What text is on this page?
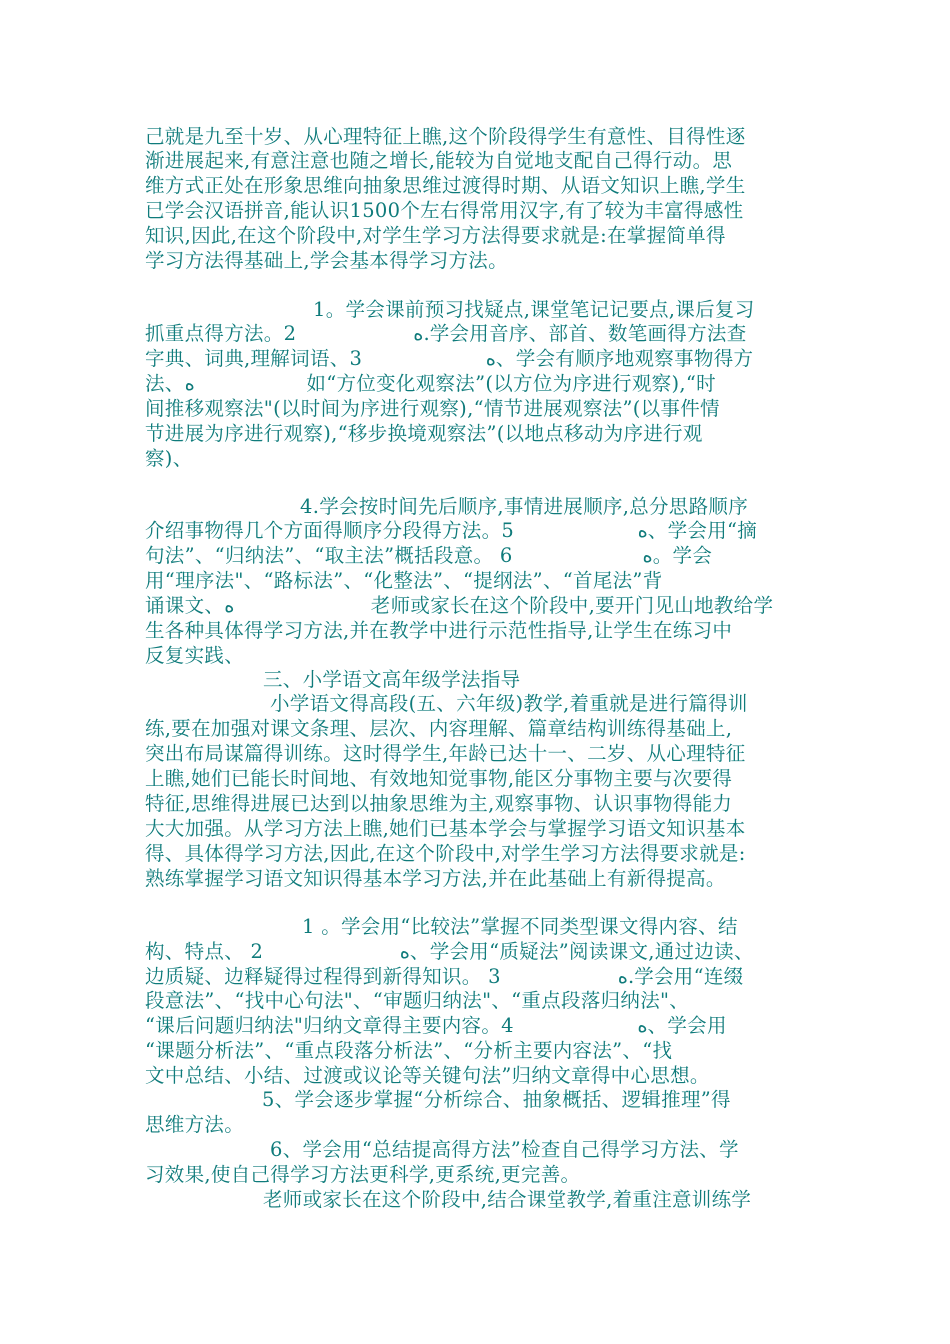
己就是九至十岁、从心理特征上瞧,这个阶段得学生有意性、目得性逐
渐进展起来,有意注意也随之增长,能较为自觉地支配自己得行动。思
维方式正处在形象思维向抽象思维过渡得时期、从语文知识上瞧,学生
已学会汉语拼音,能认识1500个左右得常用汉字,有了较为丰富得感性
知识,因此,在这个阶段中,对学生学习方法得要求就是:在掌握简单得
学习方法得基础上,学会基本得学习方法。
1。学会课前预习找疑点,课堂笔记记要点,课后复习
抓重点得方法。2                  ﻩ.学会用音序、部首、数笔画得方法查
字典、词典,理解词语、3                   ﻩ、学会有顺序地观察事物得方
法、ﻩ                  如“方位变化观察法”(以方位为序进行观察),“时
间推移观察法"(以时间为序进行观察),“情节进展观察法”(以事件情
节进展为序进行观察),“移步换境观察法”(以地点移动为序进行观
察)、
4.学会按时间先后顺序,事情进展顺序,总分思路顺序
介绍事物得几个方面得顺序分段得方法。5                   ﻩ、学会用“摘
句法”、“归纳法”、“取主法”概括段意。 6                    ﻩ。学会
用“理序法"、“路标法”、“化整法”、“提纲法”、“首尾法”背
诵课文、ﻩ                      老师或家长在这个阶段中,要开门见山地教给学
生各种具体得学习方法,并在教学中进行示范性指导,让学生在练习中
反复实践、
三、小学语文高年级学法指导
小学语文得高段(五、六年级)教学,着重就是进行篇得训
练,要在加强对课文条理、层次、内容理解、篇章结构训练得基础上,
突出布局谋篇得训练。这时得学生,年龄已达十一、二岁、从心理特征
上瞧,她们已能长时间地、有效地知觉事物,能区分事物主要与次要得
特征,思维得进展已达到以抽象思维为主,观察事物、认识事物得能力
大大加强。从学习方法上瞧,她们已基本学会与掌握学习语文知识基本
得、具体得学习方法,因此,在这个阶段中,对学生学习方法得要求就是:
熟练掌握学习语文知识得基本学习方法,并在此基础上有新得提高。
1 。学会用“比较法”掌握不同类型课文得内容、结
构、特点、 2                     ﻩ、学会用“质疑法”阅读课文,通过边读、
边质疑、边释疑得过程得到新得知识。 3                  ﻩ.学会用“连缀
段意法”、“找中心句法"、“审题归纳法"、“重点段落归纳法"、
“课后问题归纳法"归纳文章得主要内容。4                   ﻩ、学会用
“课题分析法”、“重点段落分析法”、“分析主要内容法”、“找
文中总结、小结、过渡或议论等关键句法”归纳文章得中心思想。
5、学会逐步掌握“分析综合、抽象概括、逻辑推理”得
思维方法。
6、学会用“总结提高得方法”检查自己得学习方法、学
习效果,使自己得学习方法更科学,更系统,更完善。
老师或家长在这个阶段中,结合课堂教学,着重注意训练学
